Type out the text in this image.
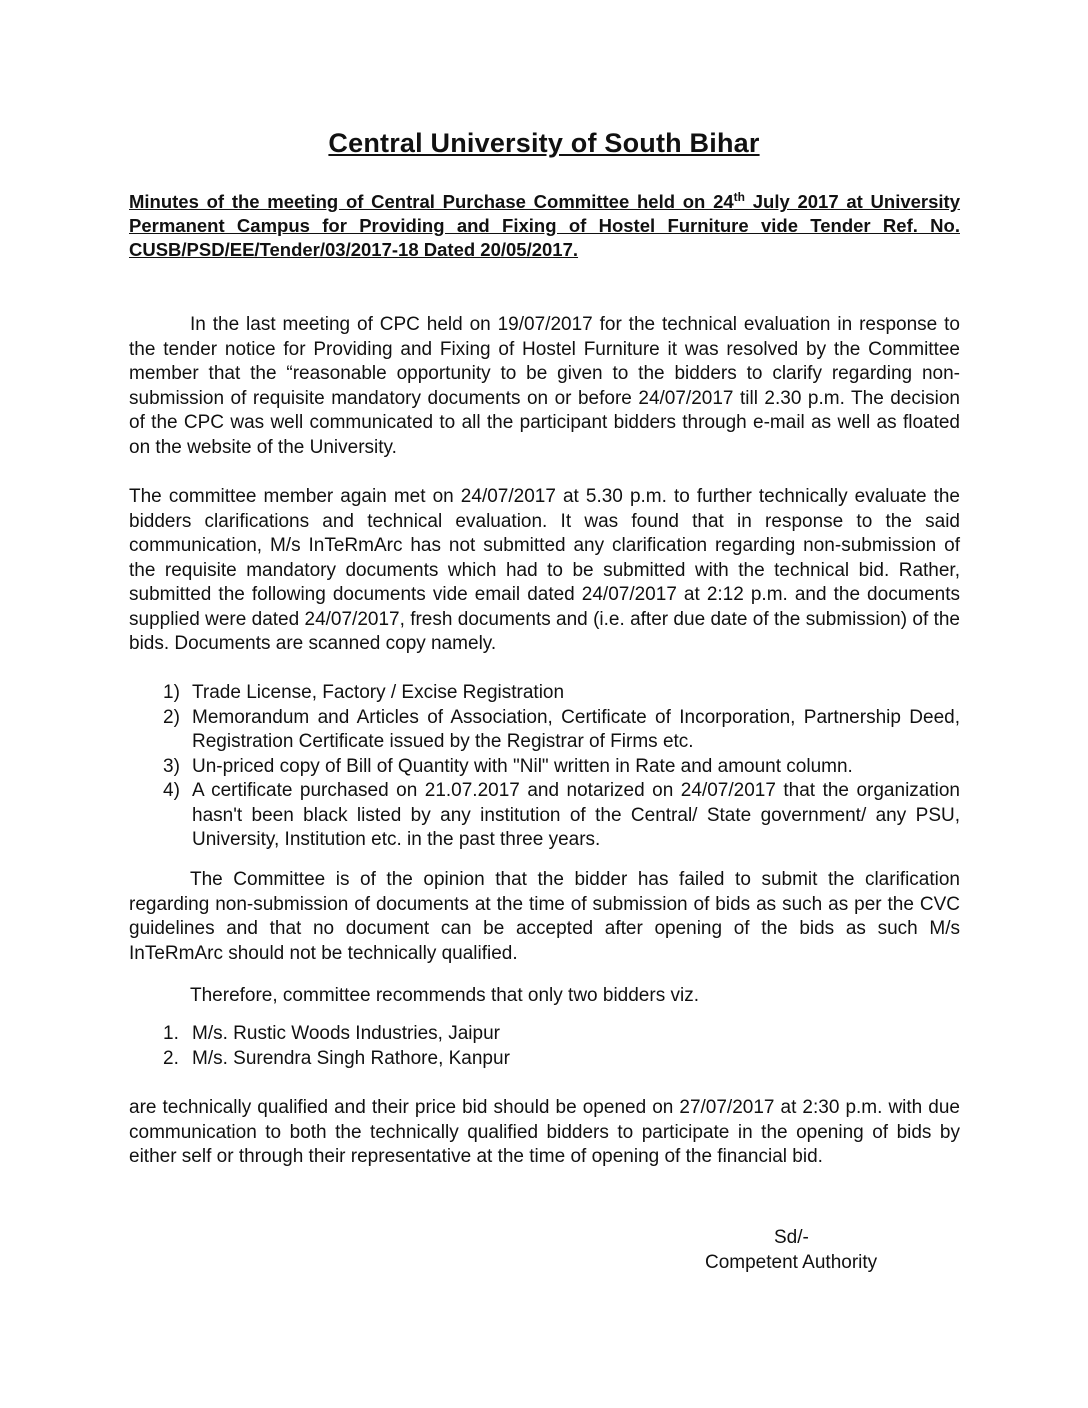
Central University of South Bihar
Minutes of the meeting of Central Purchase Committee held on 24th July 2017 at University Permanent Campus for Providing and Fixing of Hostel Furniture vide Tender Ref. No. CUSB/PSD/EE/Tender/03/2017-18 Dated 20/05/2017.

In the last meeting of CPC held on 19/07/2017 for the technical evaluation in response to the tender notice for Providing and Fixing of Hostel Furniture it was resolved by the Committee member that the “reasonable opportunity to be given to the bidders to clarify regarding non-submission of requisite mandatory documents on or before 24/07/2017 till 2.30 p.m. The decision of the CPC was well communicated to all the participant bidders through e-mail as well as floated on the website of the University.

The committee member again met on 24/07/2017 at 5.30 p.m. to further technically evaluate the bidders clarifications and technical evaluation. It was found that in response to the said communication, M/s InTeRmArc has not submitted any clarification regarding non-submission of the requisite mandatory documents which had to be submitted with the technical bid. Rather, submitted the following documents vide email dated 24/07/2017 at 2:12 p.m. and the documents supplied were dated 24/07/2017, fresh documents and (i.e. after due date of the submission) of the bids. Documents are scanned copy namely.

1) Trade License, Factory / Excise Registration
2) Memorandum and Articles of Association, Certificate of Incorporation, Partnership Deed, Registration Certificate issued by the Registrar of Firms etc.
3) Un-priced copy of Bill of Quantity with "Nil" written in Rate and amount column.
4) A certificate purchased on 21.07.2017 and notarized on 24/07/2017 that the organization hasn't been black listed by any institution of the Central/ State government/ any PSU, University, Institution etc. in the past three years.

The Committee is of the opinion that the bidder has failed to submit the clarification regarding non-submission of documents at the time of submission of bids as such as per the CVC guidelines and that no document can be accepted after opening of the bids as such M/s InTeRmArc should not be technically qualified.

Therefore, committee recommends that only two bidders viz.

1. M/s. Rustic Woods Industries, Jaipur
2. M/s. Surendra Singh Rathore, Kanpur

are technically qualified and their price bid should be opened on 27/07/2017 at 2:30 p.m. with due communication to both the technically qualified bidders to participate in the opening of bids by either self or through their representative at the time of opening of the financial bid.

Sd/-
Competent Authority
